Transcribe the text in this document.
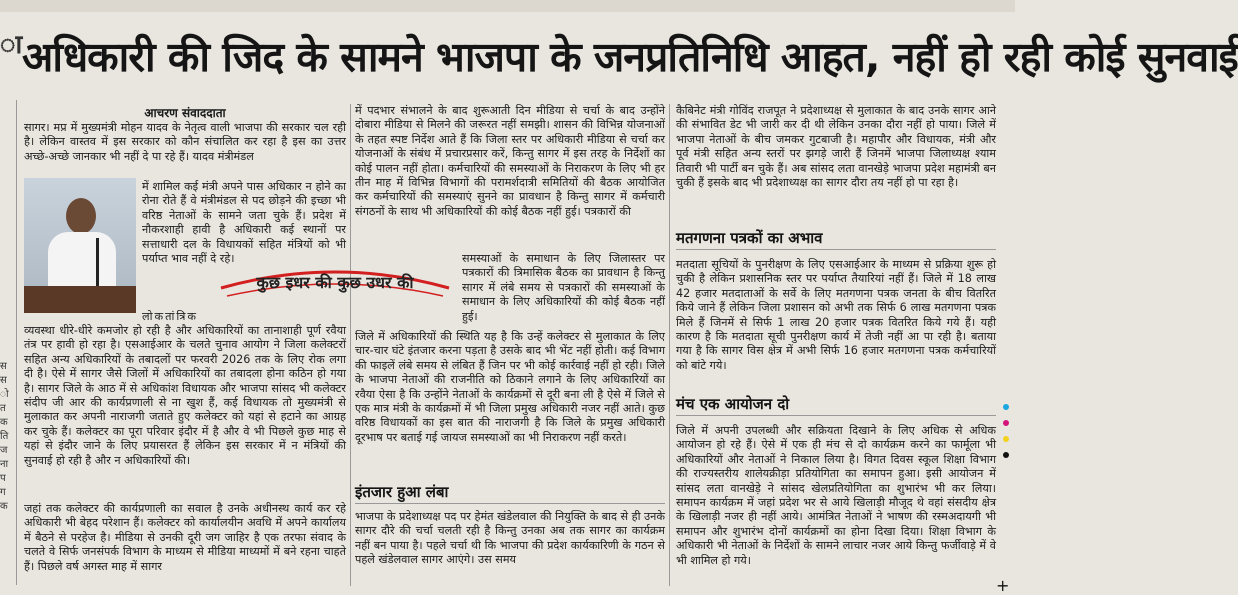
अधिकारी की जिद के सामने भाजपा के जनप्रतिनिधि आहत, नहीं हो रही कोई सुनवाई
ा
स
स
ो
त
क
ति
ज
ना
प
ग
क
आचरण संवाददाता
सागर। मप्र में मुख्यमंत्री मोहन यादव के नेतृत्व वाली भाजपा की सरकार चल रही है। लेकिन वास्तव में इस सरकार को कौन संचालित कर रहा है इस का उत्तर अच्छे-अच्छे जानकार भी नहीं दे पा रहे हैं। यादव मंत्रीमंडल
में शामिल कई मंत्री अपने पास अधिकार न होने का रोना रोते हैं वे मंत्रीमंडल से पद छोड़ने की इच्छा भी वरिष्ठ नेताओं के सामने जता चुके हैं। प्रदेश में नौकरशाही हावी है अधिकारी कई स्थानों पर सत्ताधारी दल के विधायकों सहित मंत्रियों को भी पर्याप्त भाव नहीं दे रहे।
लोकतांत्रिक
व्यवस्था धीरे-धीरे कमजोर हो रही है और अधिकारियों का तानाशाही पूर्ण रवैया तंत्र पर हावी हो रहा है। एसआईआर के चलते चुनाव आयोग ने जिला कलेक्टरों सहित अन्य अधिकारियों के तबादलों पर फरवरी 2026 तक के लिए रोक लगा दी है। ऐसे में सागर जैसे जिलों में अधिकारियों का तबादला होना कठिन हो गया है। सागर जिले के आठ में से अधिकांश विधायक और भाजपा सांसद भी कलेक्टर संदीप जी आर की कार्यप्रणाली से ना खुश हैं, कई विधायक तो मुख्यमंत्री से मुलाकात कर अपनी नाराजगी जताते हुए कलेक्टर को यहां से हटाने का आग्रह कर चुके हैं। कलेक्टर का पूरा परिवार इंदौर में है और वे भी पिछले कुछ माह से यहां से इंदौर जाने के लिए प्रयासरत हैं लेकिन इस सरकार में न मंत्रियों की सुनवाई हो रही है और न अधिकारियों की।
जहां तक कलेक्टर की कार्यप्रणाली का सवाल है उनके अधीनस्थ कार्य कर रहे अधिकारी भी बेहद परेशान हैं। कलेक्टर को कार्यालयीन अवधि में अपने कार्यालय में बैठने से परहेज है। मीडिया से उनकी दूरी जग जाहिर है एक तरफा संवाद के चलते वे सिर्फ जनसंपर्क विभाग के माध्यम से मीडिया माध्यमों में बने रहना चाहते हैं। पिछले वर्ष अगस्त माह में सागर
में पदभार संभालने के बाद शुरूआती दिन मीडिया से चर्चा के बाद उन्होंने दोबारा मीडिया से मिलने की जरूरत नहीं समझी। शासन की विभिन्न योजनाओं के तहत स्पष्ट निर्देश आते हैं कि जिला स्तर पर अधिकारी मीडिया से चर्चा कर योजनाओं के संबंध में प्रचारप्रसार करें, किन्तु सागर में इस तरह के निर्देशों का कोई पालन नहीं होता। कर्मचारियों की समस्याओं के निराकरण के लिए भी हर तीन माह में विभिन्न विभागों की परामर्शदात्री समितियों की बैठक आयोजित कर कर्मचारियों की समस्याएं सुनने का प्रावधान है किन्तु सागर में कर्मचारी संगठनों के साथ भी अधिकारियों की कोई बैठक नहीं हुई। पत्रकारों की
कुछ इधर की कुछ उधर की
समस्याओं के समाधान के लिए जिलास्तर पर पत्रकारों की त्रिमासिक बैठक का प्रावधान है किन्तु सागर में लंबे समय से पत्रकारों की समस्याओं के समाधान के लिए अधिकारियों की कोई बैठक नहीं हुई।
जिले में अधिकारियों की स्थिति यह है कि उन्हें कलेक्टर से मुलाकात के लिए चार-चार घंटे इंतजार करना पड़ता है उसके बाद भी भेंट नहीं होती। कई विभाग की फाइलें लंबे समय से लंबित हैं जिन पर भी कोई कार्रवाई नहीं हो रही। जिले के भाजपा नेताओं की राजनीति को ठिकाने लगाने के लिए अधिकारियों का रवैया ऐसा है कि उन्होंने नेताओं के कार्यक्रमों से दूरी बना ली है ऐसे में जिले से एक मात्र मंत्री के कार्यक्रमों में भी जिला प्रमुख अधिकारी नजर नहीं आते। कुछ वरिष्ठ विधायकों का इस बात की नाराजगी है कि जिले के प्रमुख अधिकारी दूरभाष पर बताई गई जायज समस्याओं का भी निराकरण नहीं करते।
इंतजार हुआ लंबा
भाजपा के प्रदेशाध्यक्ष पद पर हेमंत खंडेलवाल की नियुक्ति के बाद से ही उनके सागर दौरे की चर्चा चलती रही है किन्तु उनका अब तक सागर का कार्यक्रम नहीं बन पाया है। पहले चर्चा थी कि भाजपा की प्रदेश कार्यकारिणी के गठन से पहले खंडेलवाल सागर आएंगे। उस समय
कैबिनेट मंत्री गोविंद राजपूत ने प्रदेशाध्यक्ष से मुलाकात के बाद उनके सागर आने की संभावित डेट भी जारी कर दी थी लेकिन उनका दौरा नहीं हो पाया। जिले में भाजपा नेताओं के बीच जमकर गुटबाजी है। महापौर और विधायक, मंत्री और पूर्व मंत्री सहित अन्य स्तरों पर झगड़े जारी हैं जिनमें भाजपा जिलाध्यक्ष श्याम तिवारी भी पार्टी बन चुके हैं। अब सांसद लता वानखेड़े भाजपा प्रदेश महामंत्री बन चुकी हैं इसके बाद भी प्रदेशाध्यक्ष का सागर दौरा तय नहीं हो पा रहा है।
मतगणना पत्रकों का अभाव
मतदाता सूचियों के पुनरीक्षण के लिए एसआईआर के माध्यम से प्रक्रिया शुरू हो चुकी है लेकिन प्रशासनिक स्तर पर पर्याप्त तैयारियां नहीं हैं। जिले में 18 लाख 42 हजार मतदाताओं के सर्वे के लिए मतगणना पत्रक जनता के बीच वितरित किये जाने हैं लेकिन जिला प्रशासन को अभी तक सिर्फ 6 लाख मतगणना पत्रक मिले हैं जिनमें से सिर्फ 1 लाख 20 हजार पत्रक वितरित किये गये हैं। यही कारण है कि मतदाता सूची पुनरीक्षण कार्य में तेजी नहीं आ पा रही है। बताया गया है कि सागर विस क्षेत्र में अभी सिर्फ 16 हजार मतगणना पत्रक कर्मचारियों को बांटे गये।
मंच एक आयोजन दो
जिले में अपनी उपलब्धी और सक्रियता दिखाने के लिए अधिक से अधिक आयोजन हो रहे हैं। ऐसे में एक ही मंच से दो कार्यक्रम करने का फार्मूला भी अधिकारियों और नेताओं ने निकाल लिया है। विगत दिवस स्कूल शिक्षा विभाग की राज्यस्तरीय शालेयक्रीड़ा प्रतियोगिता का समापन हुआ। इसी आयोजन में सांसद लता वानखेड़े ने सांसद खेलप्रतियोगिता का शुभारंभ भी कर लिया। समापन कार्यक्रम में जहां प्रदेश भर से आये खिलाड़ी मौजूद थे वहां संसदीय क्षेत्र के खिलाड़ी नजर ही नहीं आये। आमंत्रित नेताओं ने भाषण की रस्मअदायगी भी समापन और शुभारंभ दोनों कार्यक्रमों का होना दिखा दिया। शिक्षा विभाग के अधिकारी भी नेताओं के निर्देशों के सामने लाचार नजर आये किन्तु फर्जीवाड़े में वे भी शामिल हो गये।
+
